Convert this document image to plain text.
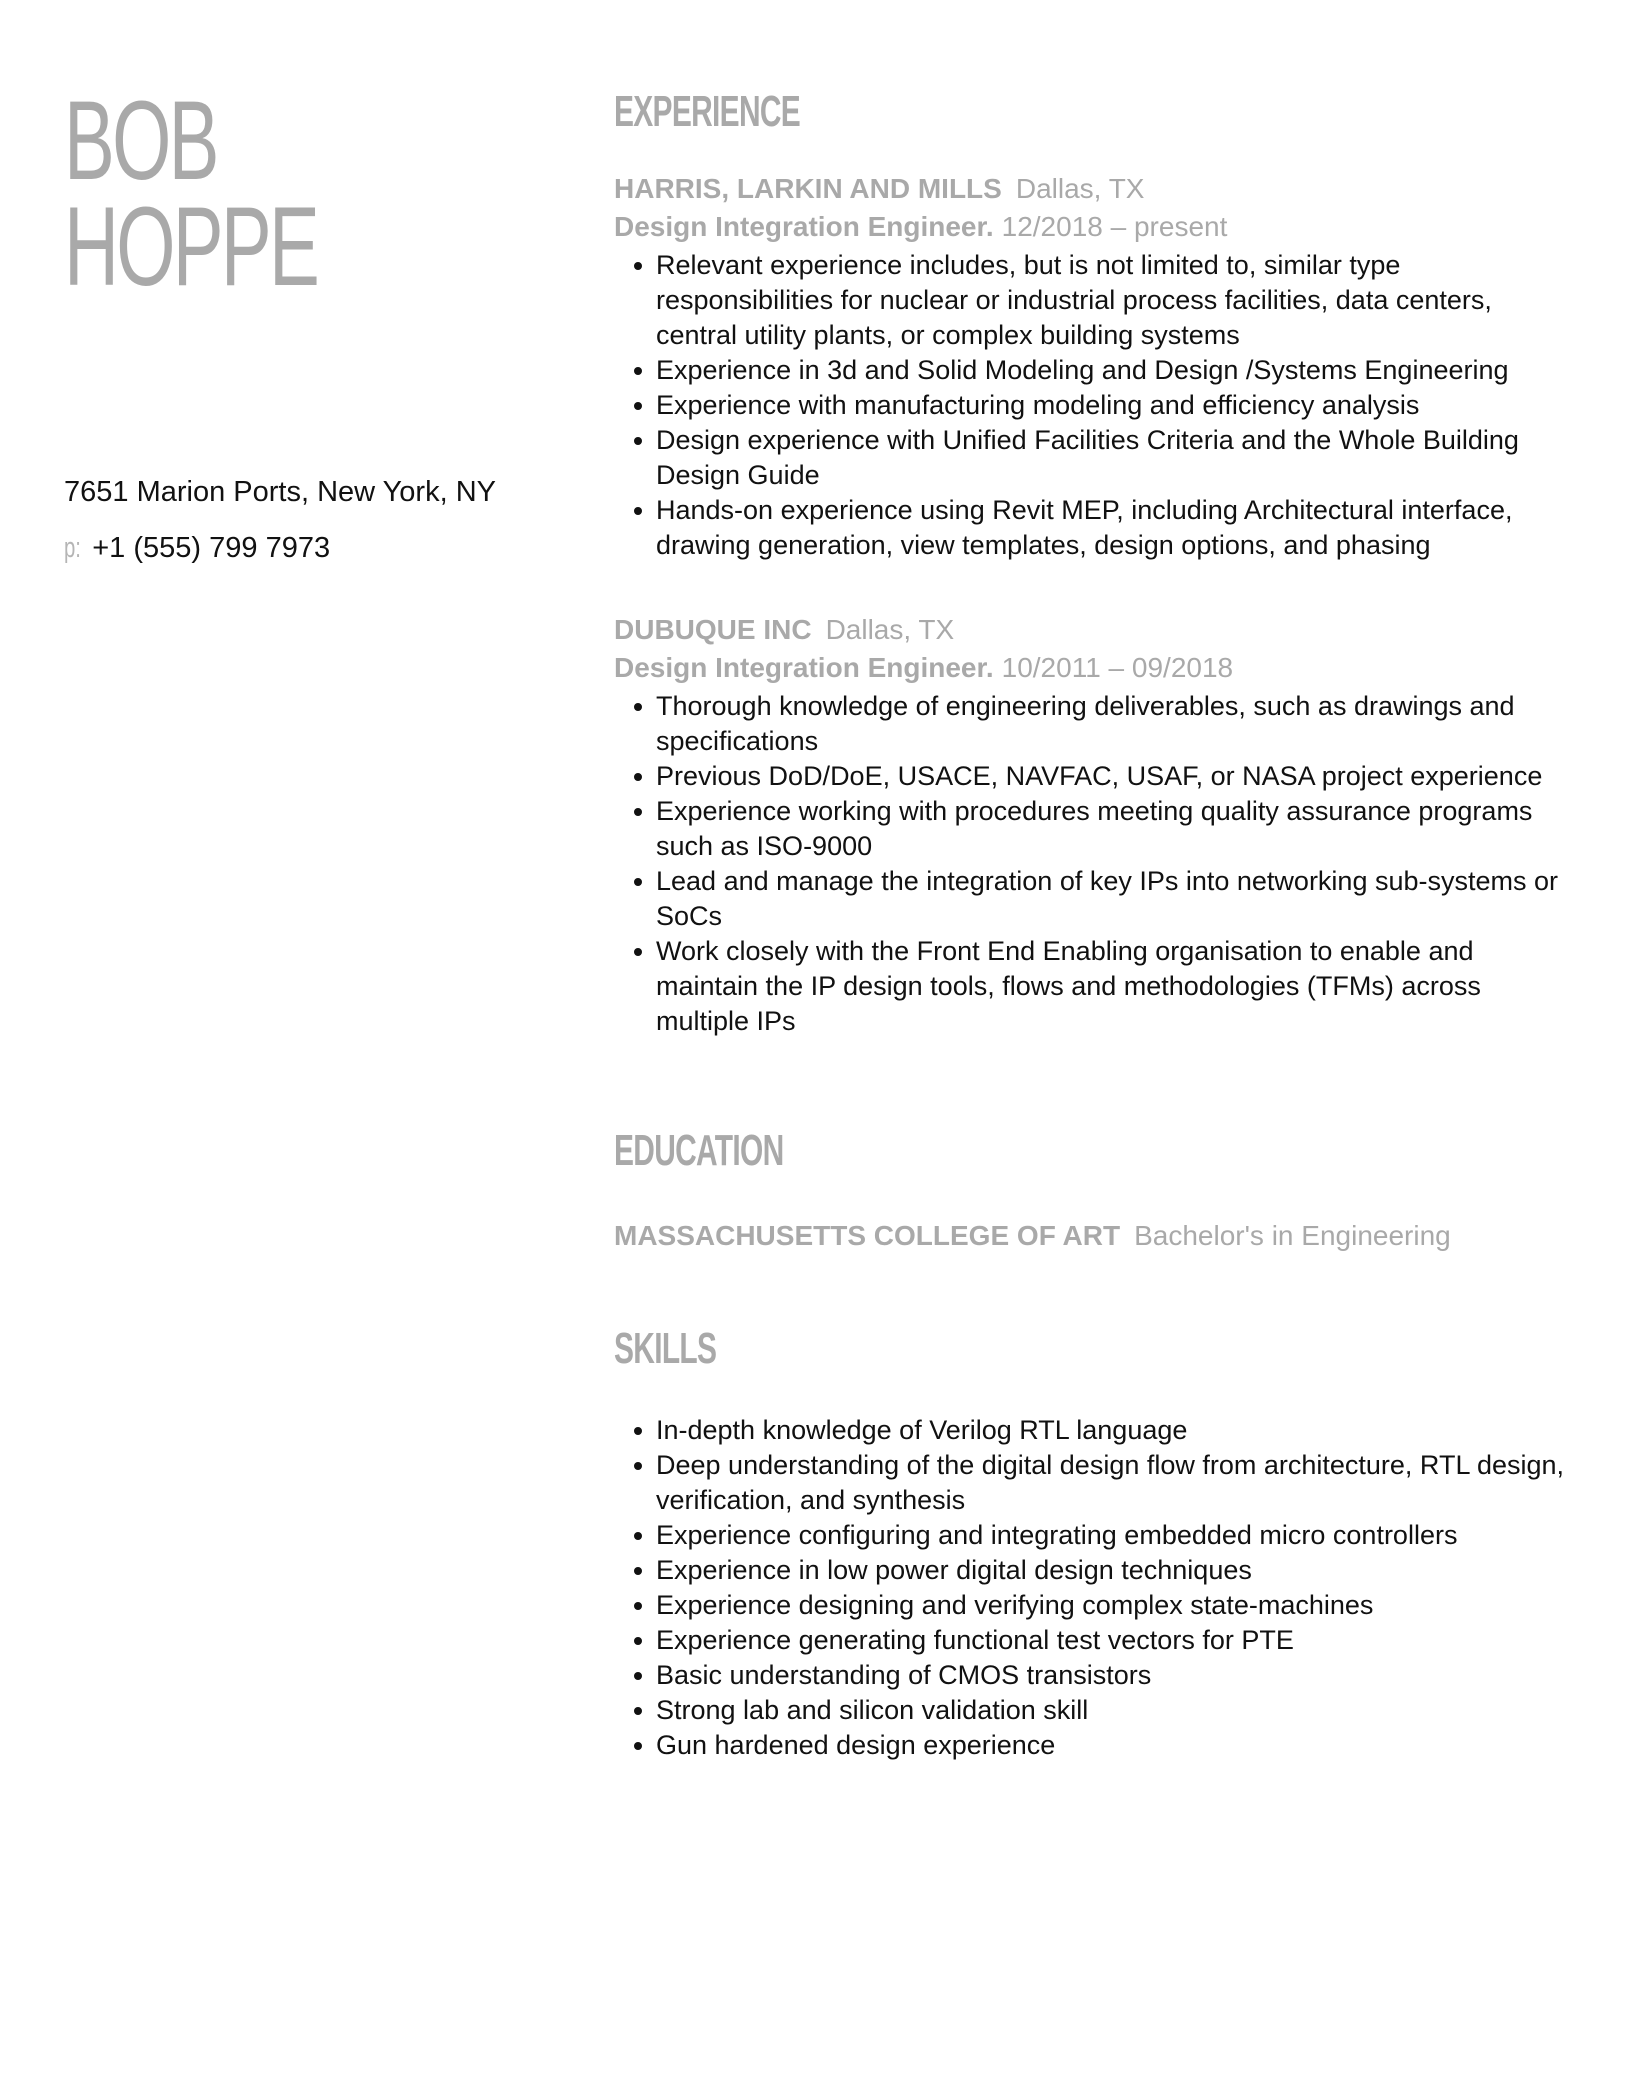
BOB
HOPPE
7651 Marion Ports, New York, NY
p: +1 (555) 799 7973
EXPERIENCE
HARRIS, LARKIN AND MILLS Dallas, TX
Design Integration Engineer. 12/2018 – present
Relevant experience includes, but is not limited to, similar type responsibilities for nuclear or industrial process facilities, data centers, central utility plants, or complex building systems
Experience in 3d and Solid Modeling and Design /Systems Engineering
Experience with manufacturing modeling and efficiency analysis
Design experience with Unified Facilities Criteria and the Whole Building Design Guide
Hands-on experience using Revit MEP, including Architectural interface, drawing generation, view templates, design options, and phasing
DUBUQUE INC Dallas, TX
Design Integration Engineer. 10/2011 – 09/2018
Thorough knowledge of engineering deliverables, such as drawings and specifications
Previous DoD/DoE, USACE, NAVFAC, USAF, or NASA project experience
Experience working with procedures meeting quality assurance programs such as ISO-9000
Lead and manage the integration of key IPs into networking sub-systems or SoCs
Work closely with the Front End Enabling organisation to enable and maintain the IP design tools, flows and methodologies (TFMs) across multiple IPs
EDUCATION
MASSACHUSETTS COLLEGE OF ART Bachelor's in Engineering
SKILLS
In-depth knowledge of Verilog RTL language
Deep understanding of the digital design flow from architecture, RTL design, verification, and synthesis
Experience configuring and integrating embedded micro controllers
Experience in low power digital design techniques
Experience designing and verifying complex state-machines
Experience generating functional test vectors for PTE
Basic understanding of CMOS transistors
Strong lab and silicon validation skill
Gun hardened design experience
